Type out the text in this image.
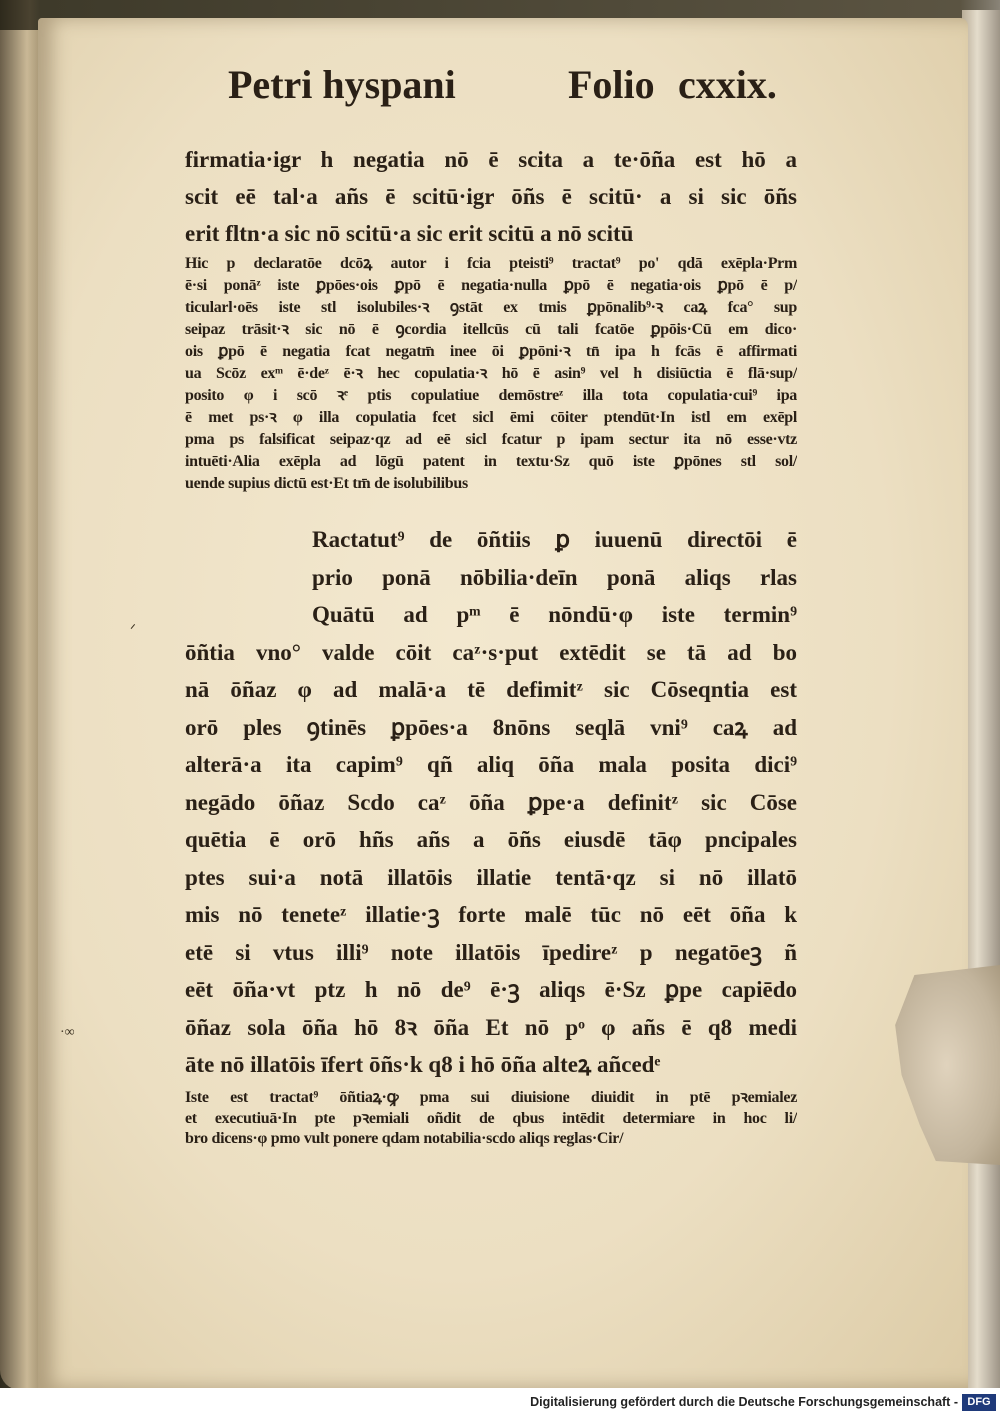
Petri hyspani	Folio cxxix.
firmatia·igr h negatia nō ē scita a te·ōña est hō a
scit eē tal·a añs ē scitū·igr ōñs ē scitū· a si sic ōñs
erit fltn·a sic nō scitū·a sic erit scitū a nō scitū
Hic p declaratōe dcōꝝ autor i fcia pteisti⁹ tractat⁹ po' qdā exēpla·Prm
ē·si ponāᶻ iste ꝑpōes·ois ꝑpō ē negatia·nulla ꝑpō ē negatia·ois ꝑpō ē p/
ticularl·oēs iste stl isolubiles·ꝛ ꝯstāt ex tmis ꝑpōnalib⁹·ꝛ caꝝ fca° sup
seipaz trāsit·ꝛ sic nō ē ꝯcordia itellcūs cū tali fcatōe ꝑpōis·Cū em dico·
ois ꝑpō ē negatia fcat negatm̄ inee ōi ꝑpōni·ꝛ tn̄ ipa h fcās ē affirmati
ua Scōz exᵐ ē·deᶻ ē·ꝛ hec copulatia·ꝛ hō ē asin⁹ vel h disiūctia ē flā·sup/
posito φ i scō ꝛᵉ ptis copulatiue demōstreᶻ illa tota copulatia·cui⁹ ipa
ē met ps·ꝛ φ illa copulatia fcet sicl ēmi cōiter ptendūt·In istl em exēpl
pma ps falsificat seipaz·qz ad eē sicl fcatur p ipam sectur ita nō esse·vtz
intuēti·Alia exēpla ad lōgū patent in textu·Sz quō iste ꝑpōnes stl sol/
uende supius dictū est·Et tm̄ de isolubilibus
Ractatut⁹ de ōñtiis ꝑ iuuenū directōi ē
prio ponā nōbilia·deīn ponā aliqs rlas
Quātū ad pᵐ ē nōndū·φ iste termin⁹
ōñtia vno° valde cōit caᶻ·s·put extēdit se tā ad bo
nā ōñaz φ ad malā·a tē defimitᶻ sic Cōseqntia est
orō ples ꝯtinēs ꝑpōes·a 8nōns seqlā vni⁹ caꝝ ad
alterā·a ita capim⁹ qñ aliq ōña mala posita dici⁹
negādo ōñaz Scdo caᶻ ōña ꝑpe·a definitᶻ sic Cōse
quētia ē orō hñs añs a ōñs eiusdē tāφ pncipales
ptes sui·a notā illatōis illatie tentā·qz si nō illatō
mis nō teneteᶻ illatie·ꝫ forte malē tūc nō eēt ōña k
etē si vtus illi⁹ note illatōis īpedireᶻ p negatōeꝫ ñ
eēt ōña·vt ptz h nō de⁹ ē·ꝫ aliqs ē·Sz ꝑpe capiēdo
ōñaz sola ōña hō 8ꝛ ōña Et nō pᵒ φ añs ē q8 medi
āte nō illatōis īfert ōñs·k q8 i hō ōña alteꝝ añcedᵉ
Iste est tractat⁹ ōñtiaꝝ·ꝙ pma sui diuisione diuidit in ptē pꝛemialez
et executiuā·In pte pꝛemiali oñdit de qbus intēdit determiare in hoc li/
bro dicens·φ pmo vult ponere qdam notabilia·scdo aliqs reglas·Cir/
ᐟ
·∞
Digitalisierung gefördert durch die Deutsche Forschungsgemeinschaft - DFG
